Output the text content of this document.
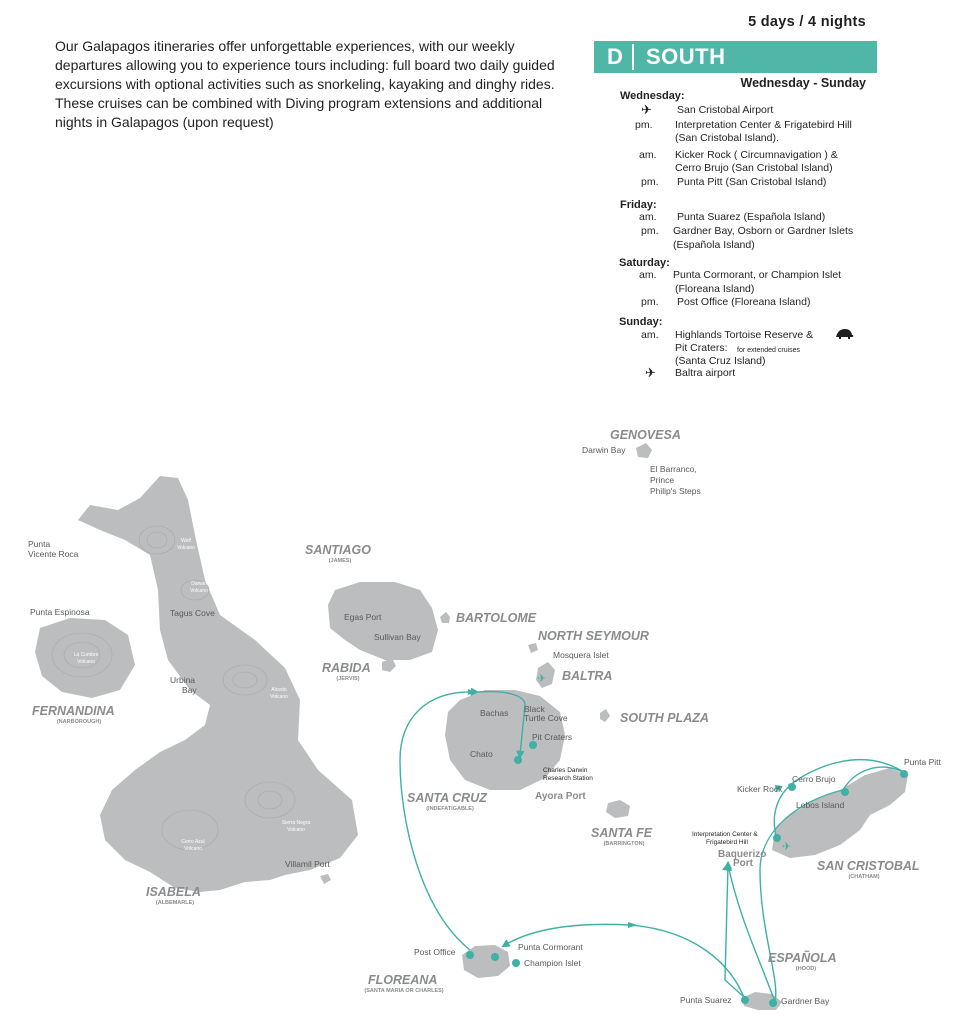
Our Galapagos itineraries offer unforgettable experiences, with our weekly departures allowing you to experience tours including: full board two daily guided excursions with optional activities such as snorkeling, kayaking and dinghy rides.

These cruises can be combined with Diving program extensions and additional nights in Galapagos (upon request)

5 days / 4 nights
D SOUTH
Wednesday - Sunday
Wednesday:
✈ San Cristobal Airport
pm. Interpretation Center & Frigatebird Hill
(San Cristobal Island).
am. Kicker Rock ( Circumnavigation ) &
Cerro Brujo (San Cristobal Island)
pm. Punta Pitt (San Cristobal Island)
Friday:
am. Punta Suarez (Española Island)
pm. Gardner Bay, Osborn or Gardner Islets
(Española Island)
Saturday:
am. Punta Cormorant, or Champion Islet
(Floreana Island)
pm. Post Office (Floreana Island)
Sunday:
am. Highlands Tortoise Reserve &
Pit Craters: for extended cruises
(Santa Cruz Island)
✈ Baltra airport
✈
✈
GENOVESA
SANTIAGO
BARTOLOME
NORTH SEYMOUR
RABIDA
BALTRA
SOUTH PLAZA
FERNANDINA
SANTA CRUZ
SANTA FE
SAN CRISTOBAL
ISABELA
ESPAÑOLA
FLOREANA
(JAMES)
(JERVIS)
(NARBOROUGH)
(INDEFATIGABLE)
(BARRINGTON)
(CHATHAM)
(ALBEMARLE)
(HOOD)
(SANTA MARIA OR CHARLES)
Darwin Bay
El Barranco,
Prince
Philip's Steps
Punta
Vicente Roca
Punta Espinosa	Tagus Cove
Urbina
Bay
Egas Port
Sullivan Bay
Mosquera Islet
Bachas Black
Turtle Cove
Pit Craters
Chato
Villamil Port
Punta Pitt
Cerro Brujo
Kicker Rock
Lobos Island
Post Office	Punta Cormorant
Champion Islet
Punta Suarez	Gardner Bay
Charles Darwin
Research Station
Interpretation Center &
Frigatebird Hill
Ayora Port
Baquerizo
Port
Wolf
Volcano
Darwin
Volcano
Alcedo
Volcano
La Cumbre
Volcano
Cerro Azul
Volcano
Sierra Negra
Volcano
